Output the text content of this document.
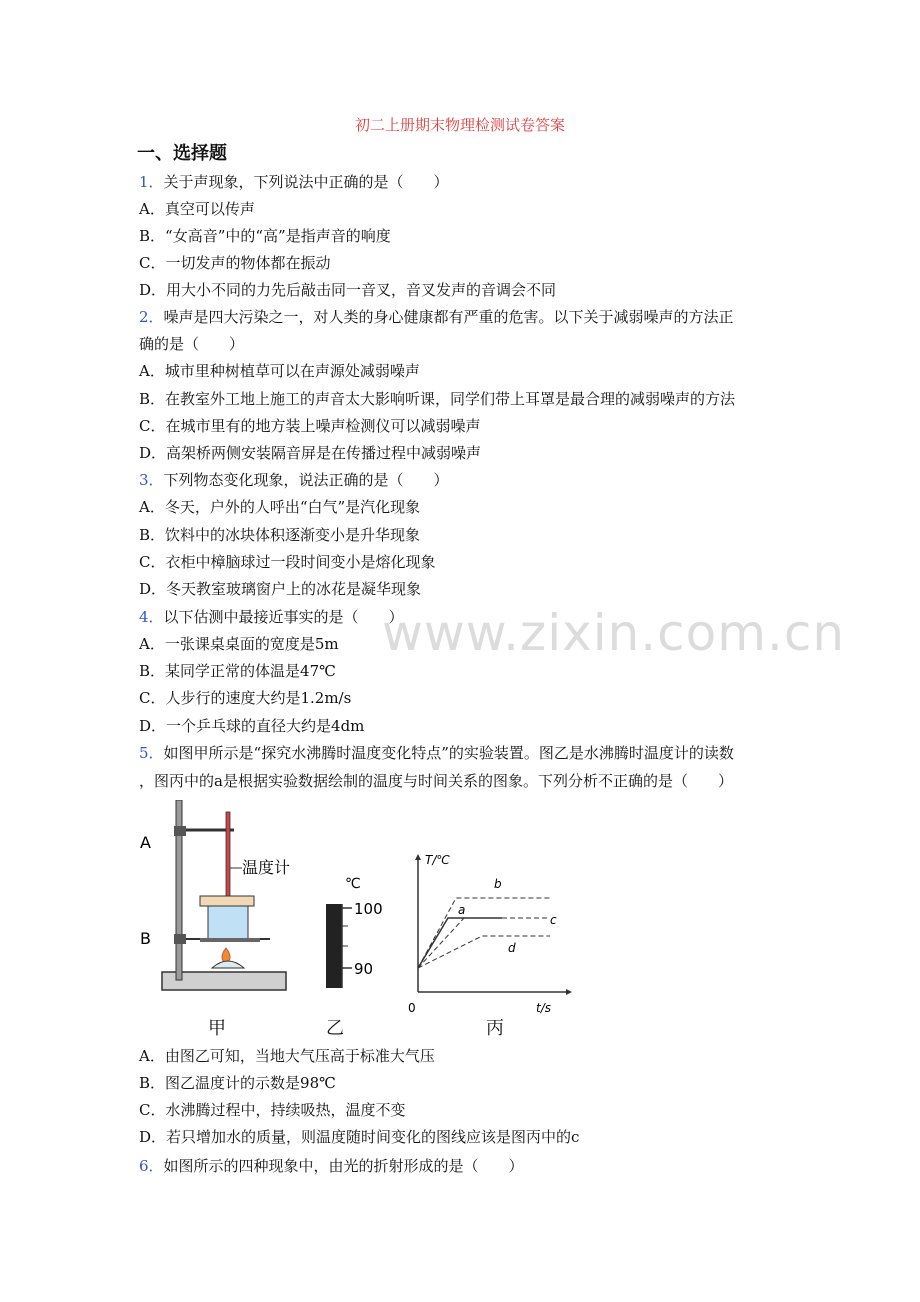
初二上册期末物理检测试卷答案
一、选择题
1．关于声现象，下列说法中正确的是（　　）
A．真空可以传声
B．“女高音”中的“高”是指声音的响度
C．一切发声的物体都在振动
D．用大小不同的力先后敲击同一音叉，音叉发声的音调会不同
2．噪声是四大污染之一，对人类的身心健康都有严重的危害。以下关于减弱噪声的方法正
确的是（　　）
A．城市里种树植草可以在声源处减弱噪声
B．在教室外工地上施工的声音太大影响听课，同学们带上耳罩是最合理的减弱噪声的方法
C．在城市里有的地方装上噪声检测仪可以减弱噪声
D．高架桥两侧安装隔音屏是在传播过程中减弱噪声
3．下列物态变化现象，说法正确的是（　　）
A．冬天，户外的人呼出“白气”是汽化现象
B．饮料中的冰块体积逐渐变小是升华现象
C．衣柜中樟脑球过一段时间变小是熔化现象
D．冬天教室玻璃窗户上的冰花是凝华现象
4．以下估测中最接近事实的是（　　）
A．一张课桌桌面的宽度是5m
B．某同学正常的体温是47℃
C．人步行的速度大约是1.2m/s
D．一个乒乓球的直径大约是4dm
5．如图甲所示是“探究水沸腾时温度变化特点”的实验装置。图乙是水沸腾时温度计的读数
，图丙中的a是根据实验数据绘制的温度与时间关系的图象。下列分析不正确的是（　　）
A．由图乙可知，当地大气压高于标准大气压
B．图乙温度计的示数是98℃
C．水沸腾过程中，持续吸热，温度不变
D．若只增加水的质量，则温度随时间变化的图线应该是图丙中的c
6．如图所示的四种现象中，由光的折射形成的是（　　）
www.zixin.com.cn
A
B
温度计
℃
100
90
T/℃
t/s
0
b
a
c
d
甲	乙	丙
